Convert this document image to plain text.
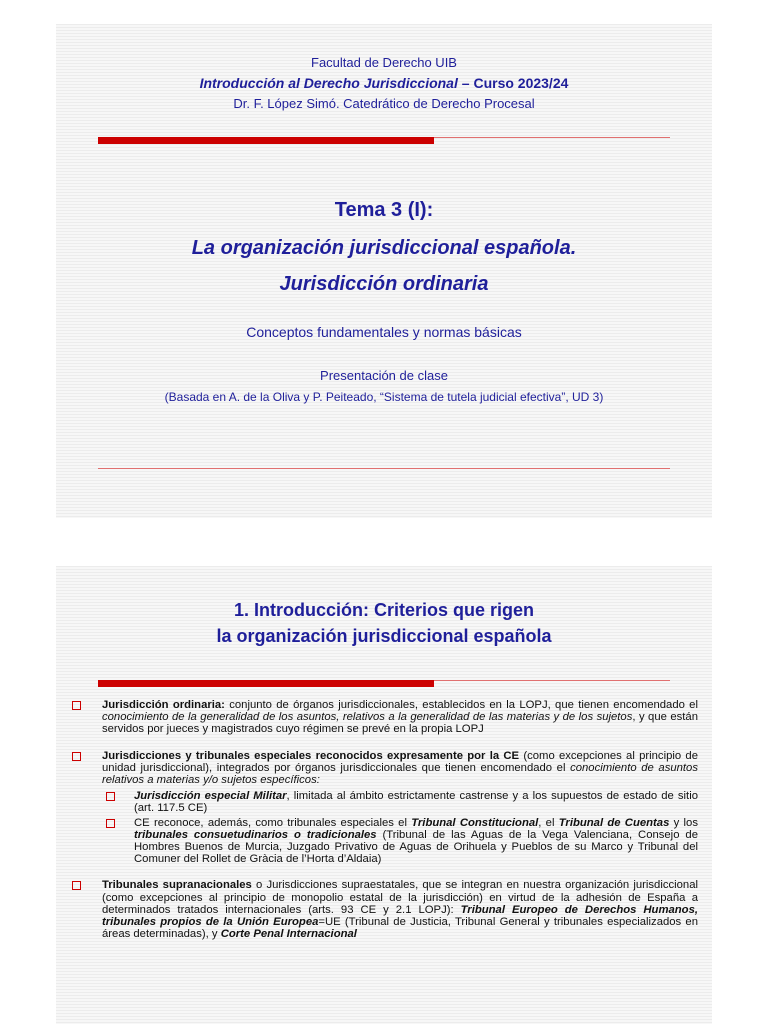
Facultad de Derecho UIB
Introducción al Derecho Jurisdiccional – Curso 2023/24
Dr. F. López Simó. Catedrático de Derecho Procesal
Tema 3 (I):
La organización jurisdiccional española.
Jurisdicción ordinaria
Conceptos fundamentales y normas básicas
Presentación de clase
(Basada en A. de la Oliva y P. Peiteado, “Sistema de tutela judicial efectiva”, UD 3)
1. Introducción: Criterios que rigen
la organización jurisdiccional española
Jurisdicción ordinaria: conjunto de órganos jurisdiccionales, establecidos en la LOPJ, que tienen encomendado el conocimiento de la generalidad de los asuntos, relativos a la generalidad de las materias y de los sujetos, y que están servidos por jueces y magistrados cuyo régimen se prevé en la propia LOPJ
Jurisdicciones y tribunales especiales reconocidos expresamente por la CE (como excepciones al principio de unidad jurisdiccional), integrados por órganos jurisdiccionales que tienen encomendado el conocimiento de asuntos relativos a materias y/o sujetos específicos:
Jurisdicción especial Militar, limitada al ámbito estrictamente castrense y a los supuestos de estado de sitio (art. 117.5 CE)
CE reconoce, además, como tribunales especiales el Tribunal Constitucional, el Tribunal de Cuentas y los tribunales consuetudinarios o tradicionales (Tribunal de las Aguas de la Vega Valenciana, Consejo de Hombres Buenos de Murcia, Juzgado Privativo de Aguas de Orihuela y Pueblos de su Marco y Tribunal del Comuner del Rollet de Gràcia de l’Horta d’Aldaia)
Tribunales supranacionales o Jurisdicciones supraestatales, que se integran en nuestra organización jurisdiccional (como excepciones al principio de monopolio estatal de la jurisdicción) en virtud de la adhesión de España a determinados tratados internacionales (arts. 93 CE y 2.1 LOPJ): Tribunal Europeo de Derechos Humanos, tribunales propios de la Unión Europea=UE (Tribunal de Justicia, Tribunal General y tribunales especializados en áreas determinadas), y Corte Penal Internacional
